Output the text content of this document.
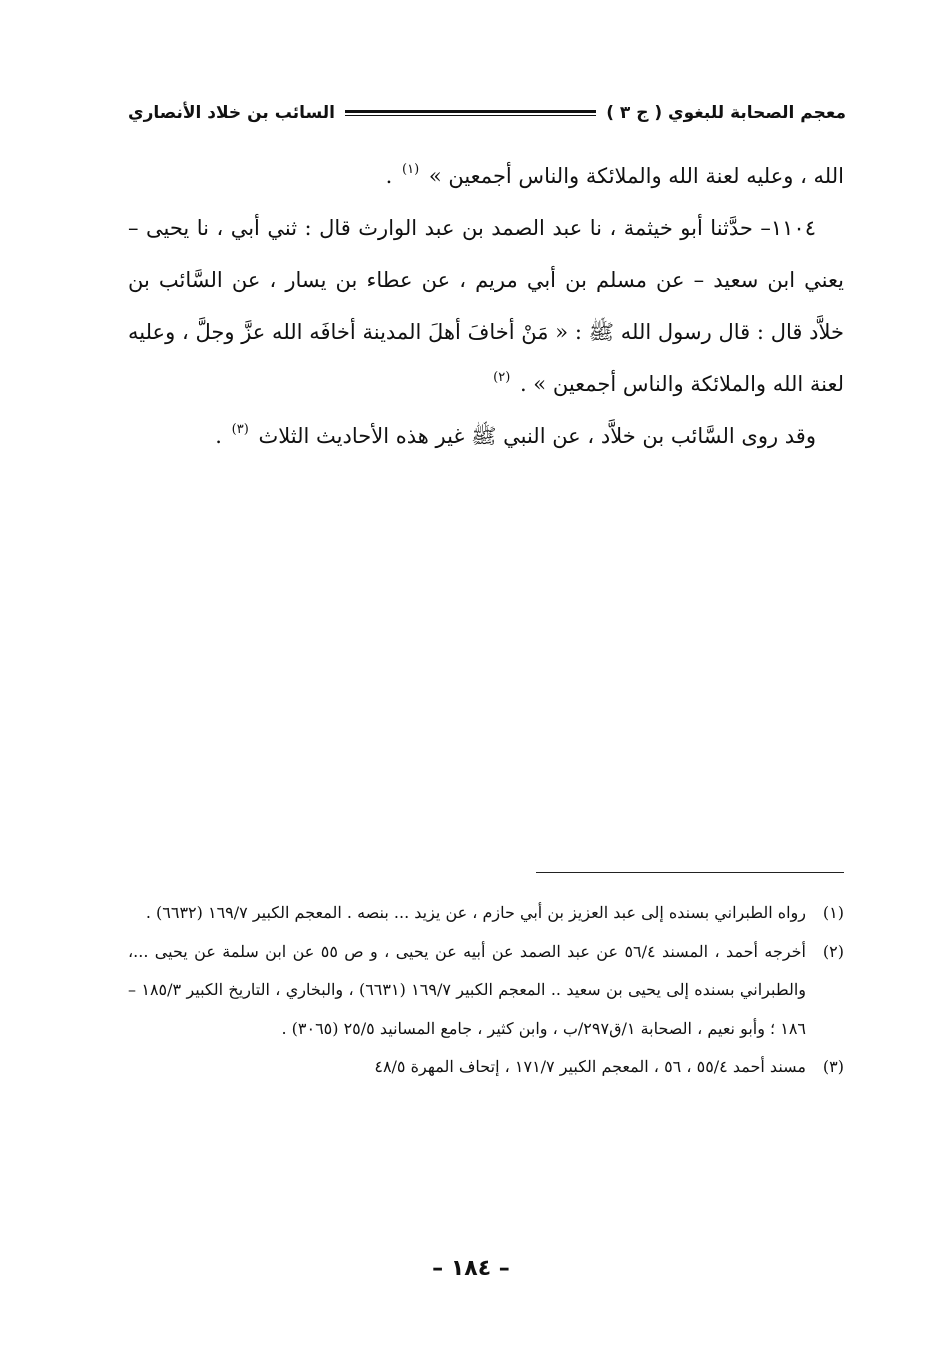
معجم الصحابة للبغوي ( ج ٣ )
السائب بن خلاد الأنصاري

الله ، وعليه لعنة الله والملائكة والناس أجمعين » $^{(١)}$ .

١١٠٤– حدَّثنا أبو خيثمة ، نا عبد الصمد بن عبد الوارث قال : ثني أبي ، نا يحيى – يعني ابن سعيد – عن مسلم بن أبي مريم ، عن عطاء بن يسار ، عن السَّائب بن خلاَّد قال : قال رسول الله ﷺ : « مَنْ أخافَ أهلَ المدينة أخافَه الله عزَّ وجلَّ ، وعليه لعنة الله والملائكة والناس أجمعين » . $^{(٢)}$

وقد روى السَّائب بن خلاَّد ، عن النبي ﷺ غير هذه الأحاديث الثلاث $^{(٣)}$ .

(١)
رواه الطبراني بسنده إلى عبد العزيز بن أبي حازم ، عن يزيد ... بنصه . المعجم الكبير ١٦٩/٧ (٦٦٣٢) .
(٢)
أخرجه أحمد ، المسند ٥٦/٤ عن عبد الصمد عن أبيه عن يحيى ، و ص ٥٥ عن ابن سلمة عن يحيى ...، والطبراني بسنده إلى يحيى بن سعيد .. المعجم الكبير ١٦٩/٧ (٦٦٣١) ، والبخاري ، التاريخ الكبير ١٨٥/٣ – ١٨٦ ؛ وأبو نعيم ، الصحابة ١/ق٢٩٧/ب ، وابن كثير ، جامع المسانيد ٢٥/٥ (٣٠٦٥) .
(٣)
مسند أحمد ٥٥/٤ ، ٥٦ ، المعجم الكبير ١٧١/٧ ، إتحاف المهرة ٤٨/٥
– ١٨٤ –
